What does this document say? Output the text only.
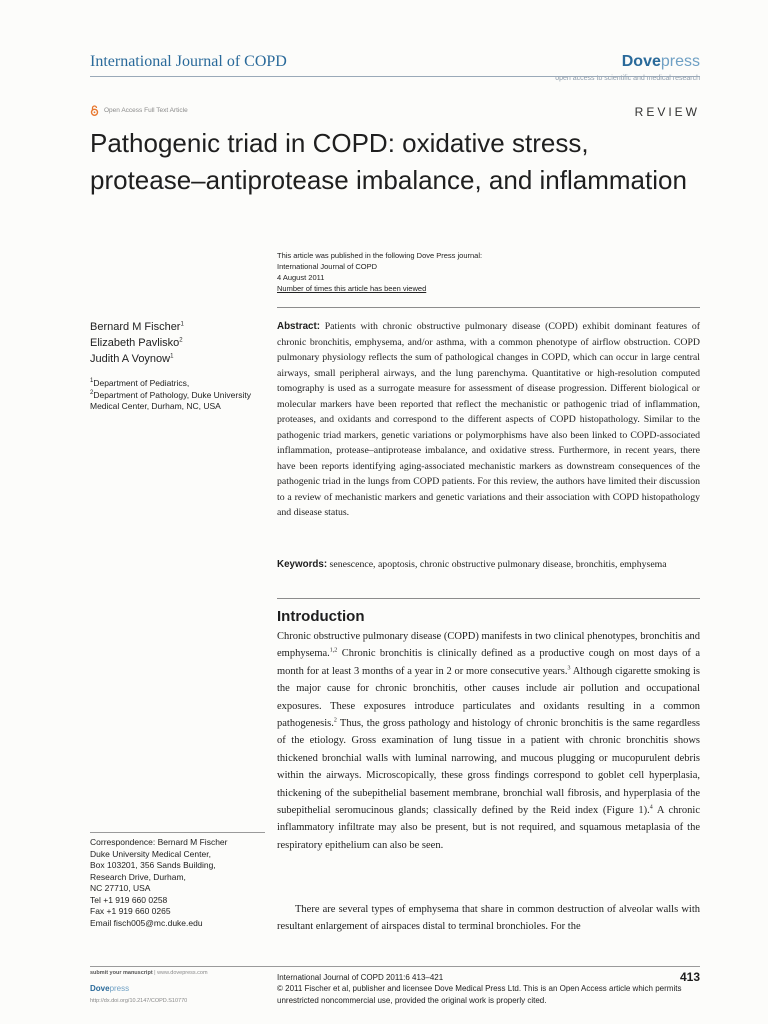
International Journal of COPD	Dovepress
open access to scientific and medical research
Open Access Full Text Article	REVIEW
Pathogenic triad in COPD: oxidative stress, protease–antiprotease imbalance, and inflammation
This article was published in the following Dove Press journal:
International Journal of COPD
4 August 2011
Number of times this article has been viewed
Bernard M Fischer$^1$
Elizabeth Pavlisko$^2$
Judith A Voynow$^1$
$^1$Department of Pediatrics,
$^2$Department of Pathology, Duke University Medical Center, Durham, NC, USA
Correspondence: Bernard M Fischer
Duke University Medical Center,
Box 103201, 356 Sands Building,
Research Drive, Durham,
NC 27710, USA
Tel +1 919 660 0258
Fax +1 919 660 0265
Email fisch005@mc.duke.edu

Abstract: Patients with chronic obstructive pulmonary disease (COPD) exhibit dominant features of chronic bronchitis, emphysema, and/or asthma, with a common phenotype of airflow obstruction. COPD pulmonary physiology reflects the sum of pathological changes in COPD, which can occur in large central airways, small peripheral airways, and the lung parenchyma. Quantitative or high-resolution computed tomography is used as a surrogate measure for assessment of disease progression. Different biological or molecular markers have been reported that reflect the mechanistic or pathogenic triad of inflammation, proteases, and oxidants and correspond to the different aspects of COPD histopathology. Similar to the pathogenic triad markers, genetic variations or polymorphisms have also been linked to COPD-associated inflammation, protease–antiprotease imbalance, and oxidative stress. Furthermore, in recent years, there have been reports identifying aging-associated mechanistic markers as downstream consequences of the pathogenic triad in the lungs from COPD patients. For this review, the authors have limited their discussion to a review of mechanistic markers and genetic variations and their association with COPD histopathology and disease status.

Keywords: senescence, apoptosis, chronic obstructive pulmonary disease, bronchitis, emphysema

Introduction

Chronic obstructive pulmonary disease (COPD) manifests in two clinical phenotypes, bronchitis and emphysema.$^{1,2}$ Chronic bronchitis is clinically defined as a productive cough on most days of a month for at least 3 months of a year in 2 or more consecutive years.$^3$ Although cigarette smoking is the major cause for chronic bronchitis, other causes include air pollution and occupational exposures. These exposures introduce particulates and oxidants resulting in a common pathogenesis.$^2$ Thus, the gross pathology and histology of chronic bronchitis is the same regardless of the etiology. Gross examination of lung tissue in a patient with chronic bronchitis shows thickened bronchial walls with luminal narrowing, and mucous plugging or mucopurulent debris within the airways. Microscopically, these gross findings correspond to goblet cell hyperplasia, thickening of the subepithelial basement membrane, bronchial wall fibrosis, and hyperplasia of the subepithelial seromucinous glands; classically defined by the Reid index (Figure 1).$^4$ A chronic inflammatory infiltrate may also be present, but is not required, and squamous metaplasia of the respiratory epithelium can also be seen.

There are several types of emphysema that share in common destruction of alveolar walls with resultant enlargement of airspaces distal to terminal bronchioles. For the

submit your manuscript | www.dovepress.com
Dovepress
http://dx.doi.org/10.2147/COPD.S10770
International Journal of COPD 2011:6 413–421
© 2011 Fischer et al, publisher and licensee Dove Medical Press Ltd. This is an Open Access article which permits unrestricted noncommercial use, provided the original work is properly cited.
413
